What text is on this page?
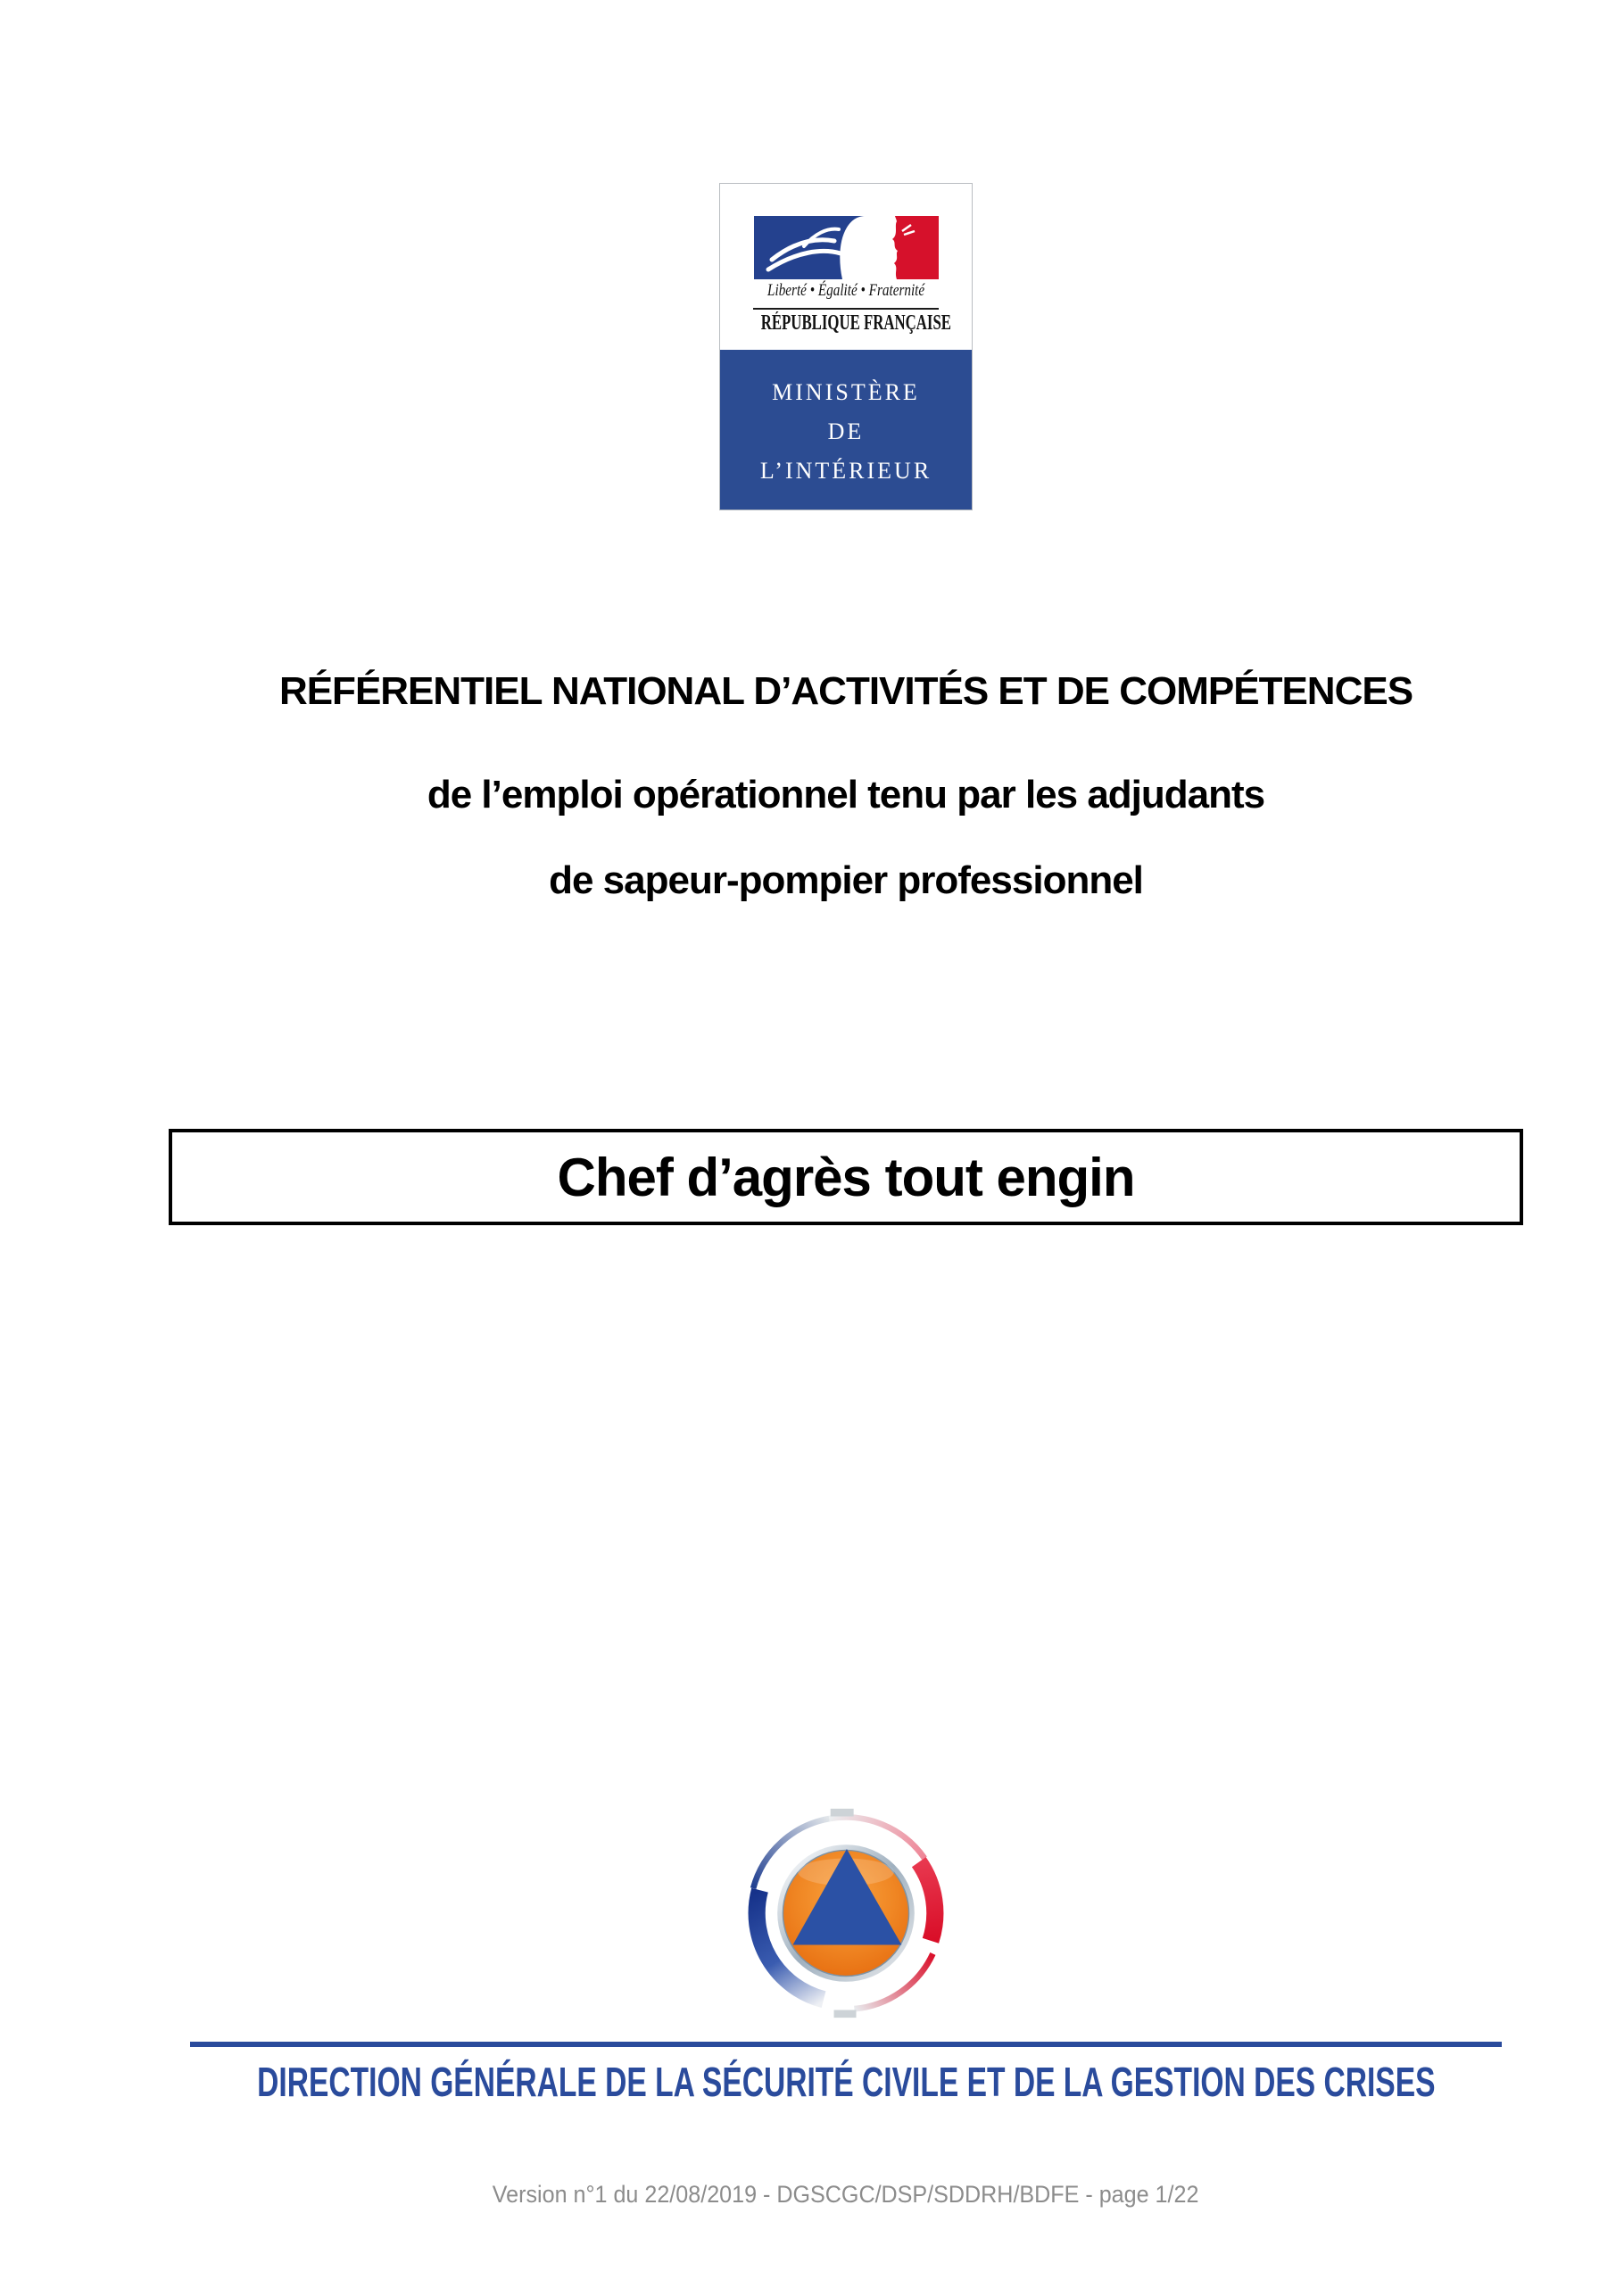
Liberté • Égalité • Fraternité
RÉPUBLIQUE FRANÇAISE
MINISTÈRE
DE
L’INTÉRIEUR
RÉFÉRENTIEL NATIONAL D’ACTIVITÉS ET DE COMPÉTENCES
de l’emploi opérationnel tenu par les adjudants
de sapeur-pompier professionnel
Chef d’agrès tout engin
DIRECTION GÉNÉRALE DE LA SÉCURITÉ CIVILE ET DE LA GESTION DES CRISES
Version n°1 du 22/08/2019 - DGSCGC/DSP/SDDRH/BDFE - page 1/22
